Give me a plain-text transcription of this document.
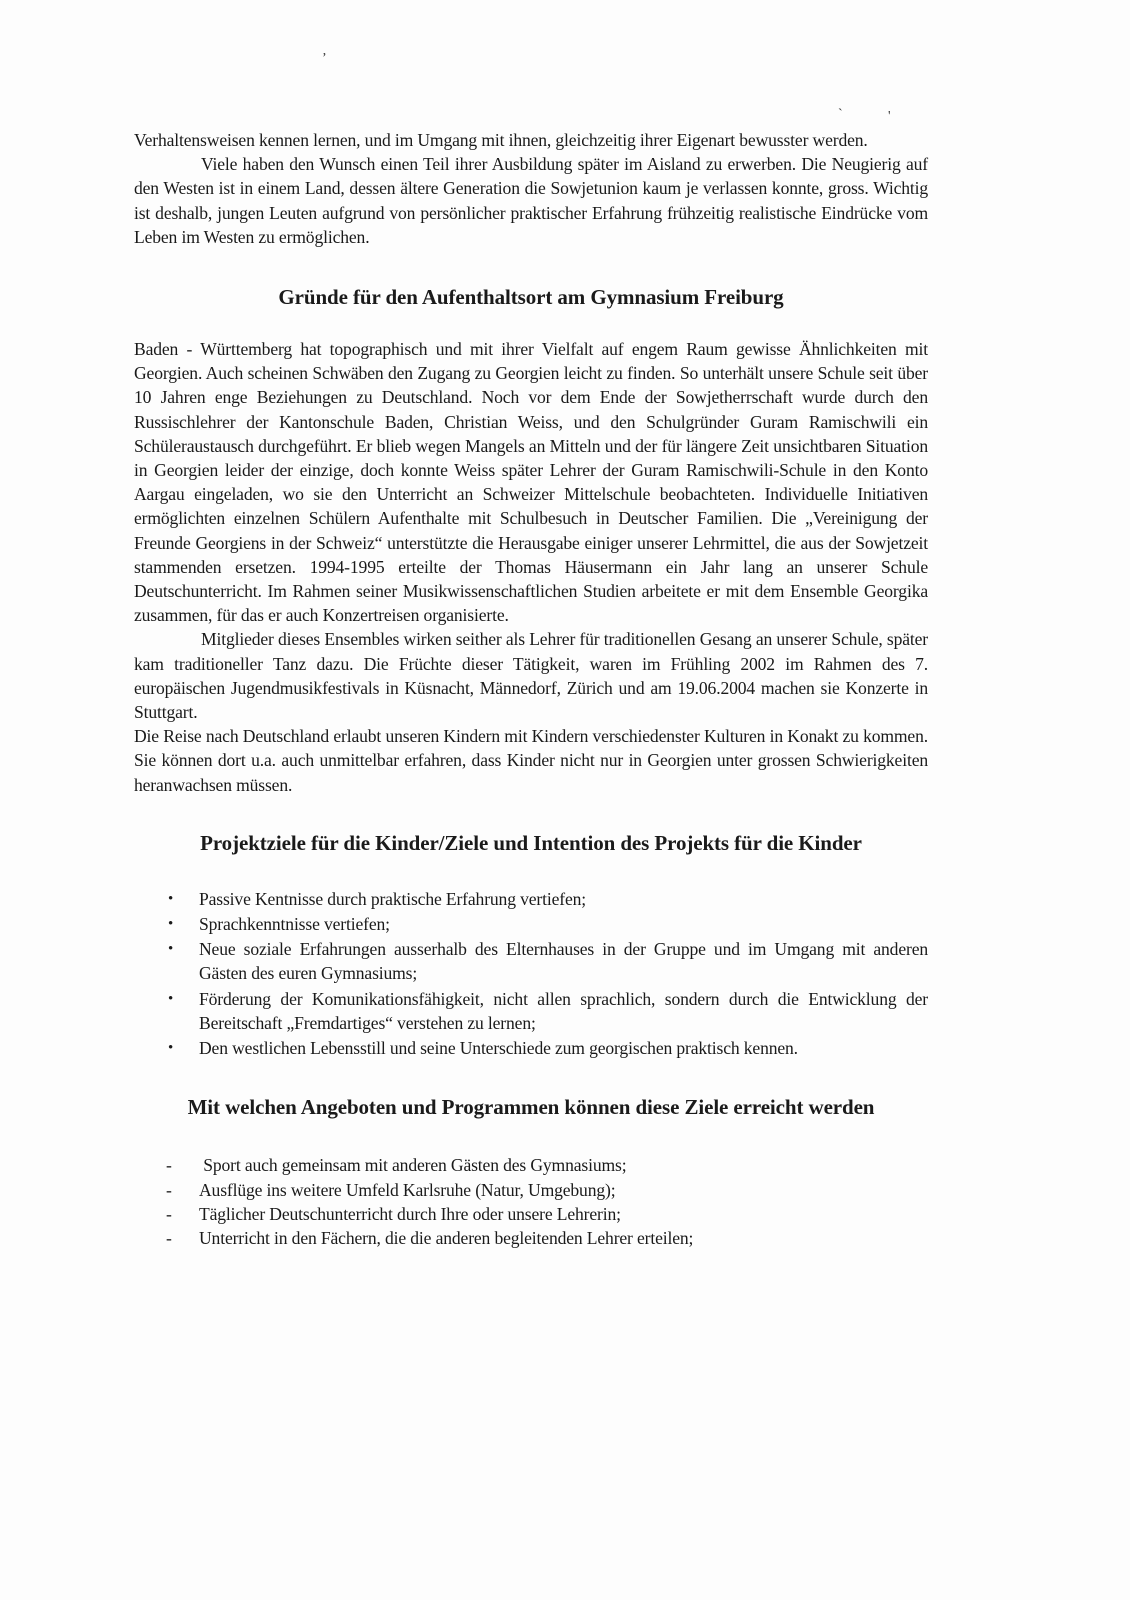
ʼ
`	'

Verhaltensweisen kennen lernen, und im Umgang mit ihnen, gleichzeitig ihrer Eigenart bewusster werden.

Viele haben den Wunsch einen Teil ihrer Ausbildung später im Aisland zu erwerben. Die Neugierig auf den Westen ist in einem Land, dessen ältere Generation die Sowjetunion kaum je verlassen konnte, gross. Wichtig ist deshalb, jungen Leuten aufgrund von persönlicher praktischer Erfahrung frühzeitig realistische Eindrücke vom Leben im Westen zu ermöglichen.

Gründe für den Aufenthaltsort am Gymnasium Freiburg

Baden - Württemberg hat topographisch und mit ihrer Vielfalt auf engem Raum gewisse Ähnlichkeiten mit Georgien. Auch scheinen Schwäben den Zugang zu Georgien leicht zu finden. So unterhält unsere Schule seit über 10 Jahren enge Beziehungen zu Deutschland. Noch vor dem Ende der Sowjetherrschaft wurde durch den Russischlehrer der Kantonschule Baden, Christian Weiss, und den Schulgründer Guram Ramischwili ein Schüleraustausch durchgeführt. Er blieb wegen Mangels an Mitteln und der für längere Zeit unsichtbaren Situation in Georgien leider der einzige, doch konnte Weiss später Lehrer der Guram Ramischwili-Schule in den Konto Aargau eingeladen, wo sie den Unterricht an Schweizer Mittelschule beobachteten. Individuelle Initiativen ermöglichten einzelnen Schülern Aufenthalte mit Schulbesuch in Deutscher Familien. Die „Vereinigung der Freunde Georgiens in der Schweiz“ unterstützte die Herausgabe einiger unserer Lehrmittel, die aus der Sowjetzeit stammenden ersetzen. 1994-1995 erteilte der Thomas Häusermann ein Jahr lang an unserer Schule Deutschunterricht. Im Rahmen seiner Musikwissenschaftlichen Studien arbeitete er mit dem Ensemble Georgika zusammen, für das er auch Konzertreisen organisierte.

Mitglieder dieses Ensembles wirken seither als Lehrer für traditionellen Gesang an unserer Schule, später kam traditioneller Tanz dazu. Die Früchte dieser Tätigkeit, waren im Frühling 2002 im Rahmen des 7. europäischen Jugendmusikfestivals in Küsnacht, Männedorf, Zürich und am 19.06.2004 machen sie Konzerte in Stuttgart.

Die Reise nach Deutschland erlaubt unseren Kindern mit Kindern verschiedenster Kulturen in Konakt zu kommen. Sie können dort u.a. auch unmittelbar erfahren, dass Kinder nicht nur in Georgien unter grossen Schwierigkeiten heranwachsen müssen.

Projektziele für die Kinder/Ziele und Intention des Projekts für die Kinder
• Passive Kentnisse durch praktische Erfahrung vertiefen;
• Sprachkenntnisse vertiefen;
• Neue soziale Erfahrungen ausserhalb des Elternhauses in der Gruppe und im Umgang mit anderen Gästen des euren Gymnasiums;
• Förderung der Komunikationsfähigkeit, nicht allen sprachlich, sondern durch die Entwicklung der Bereitschaft „Fremdartiges“ verstehen zu lernen;
• Den westlichen Lebensstill und seine Unterschiede zum georgischen praktisch kennen.
Mit welchen Angeboten und Programmen können diese Ziele erreicht werden
- Sport auch gemeinsam mit anderen Gästen des Gymnasiums;
- Ausflüge ins weitere Umfeld Karlsruhe (Natur, Umgebung);
- Täglicher Deutschunterricht durch Ihre oder unsere Lehrerin;
- Unterricht in den Fächern, die die anderen begleitenden Lehrer erteilen;
